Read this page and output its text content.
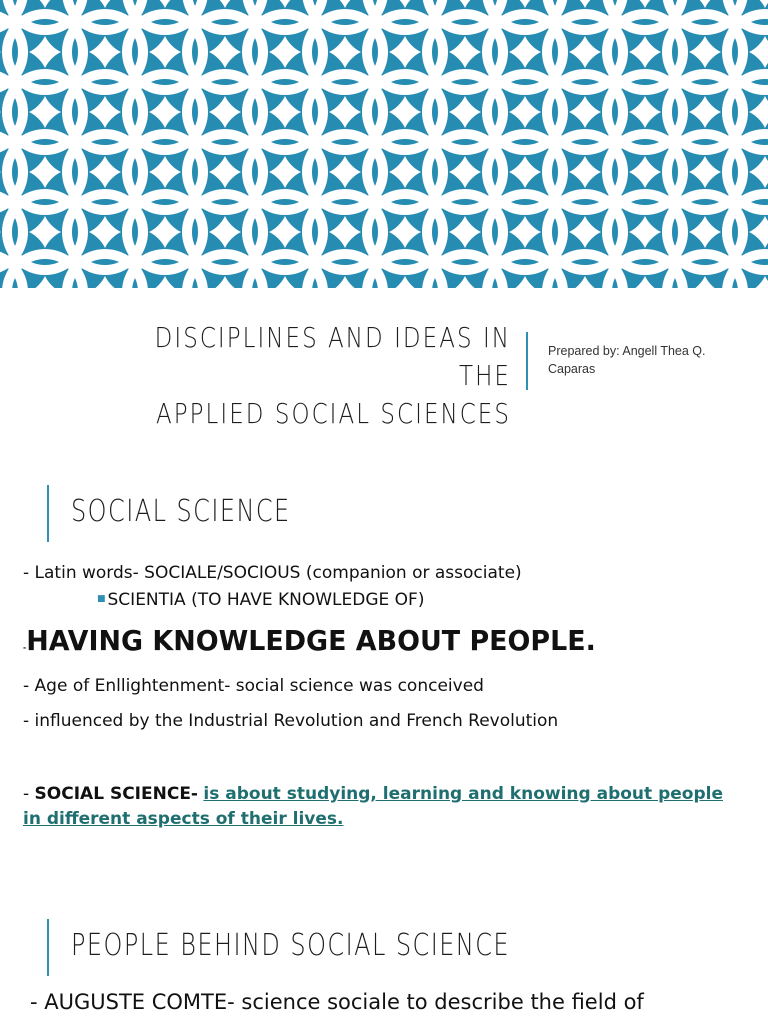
DISCIPLINES AND IDEAS IN THE
APPLIED SOCIAL SCIENCES
Prepared by: Angell Thea Q.
Caparas
SOCIAL SCIENCE
- Latin words- SOCIALE/SOCIOUS (companion or associate)
■ SCIENTIA (TO HAVE KNOWLEDGE OF)
-HAVING KNOWLEDGE ABOUT PEOPLE.
- Age of Enllightenment- social science was conceived
- influenced by the Industrial Revolution and French Revolution
- SOCIAL SCIENCE- is about studying, learning and knowing about people in different aspects of their lives.
PEOPLE BEHIND SOCIAL SCIENCE
- AUGUSTE COMTE- science sociale to describe the field of
